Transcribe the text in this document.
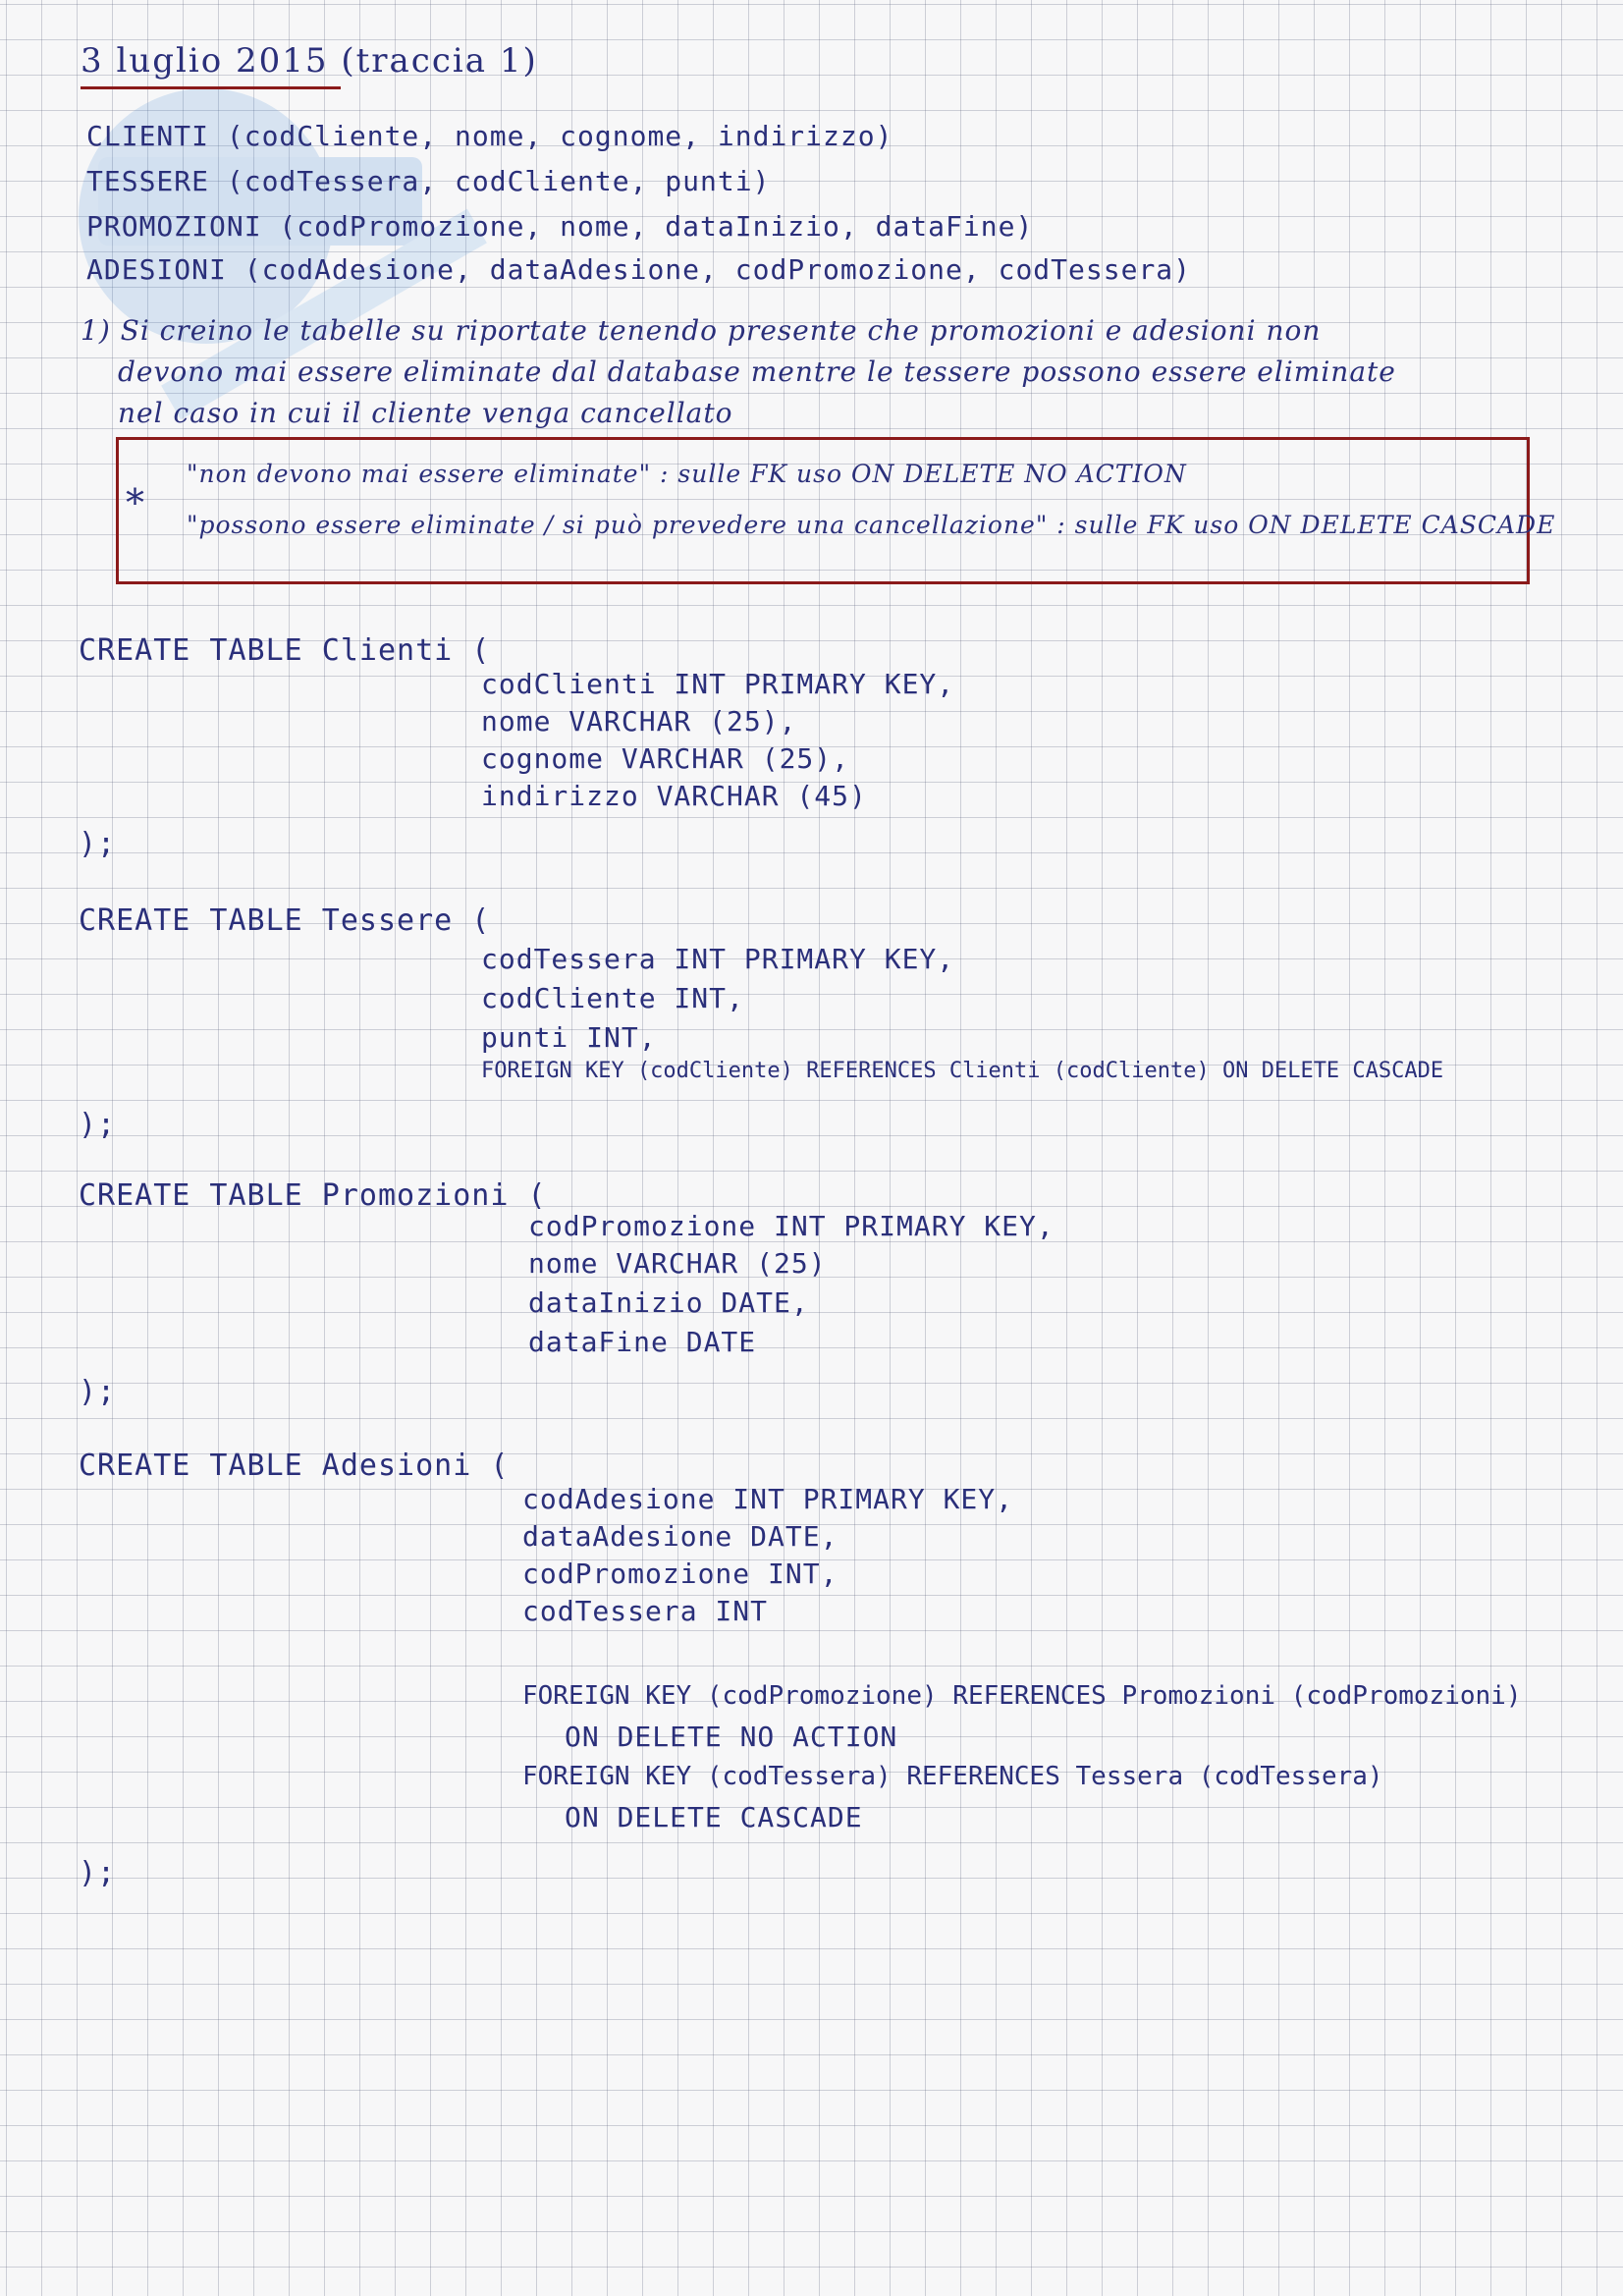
3 luglio 2015 (traccia 1)
CLIENTI (codCliente, nome, cognome, indirizzo)
TESSERE (codTessera, codCliente, punti)
PROMOZIONI (codPromozione, nome, dataInizio, dataFine)
ADESIONI (codAdesione, dataAdesione, codPromozione, codTessera)
1) Si creino le tabelle su riportate tenendo presente che promozioni e adesioni non
devono mai essere eliminate dal database mentre le tessere possono essere eliminate
nel caso in cui il cliente venga cancellato
*
"non devono mai essere eliminate" : sulle FK uso ON DELETE NO ACTION
"possono essere eliminate / si può prevedere una cancellazione" : sulle FK uso ON DELETE CASCADE
CREATE TABLE Clienti (
codClienti INT PRIMARY KEY,
nome VARCHAR (25),
cognome VARCHAR (25),
indirizzo VARCHAR (45)
);
CREATE TABLE Tessere (
codTessera INT PRIMARY KEY,
codCliente INT,
punti INT,
FOREIGN KEY (codCliente) REFERENCES Clienti (codCliente) ON DELETE CASCADE
);
CREATE TABLE Promozioni (
codPromozione INT PRIMARY KEY,
nome VARCHAR (25)
dataInizio DATE,
dataFine DATE
);
CREATE TABLE Adesioni (
codAdesione INT PRIMARY KEY,
dataAdesione DATE,
codPromozione INT,
codTessera INT
FOREIGN KEY (codPromozione) REFERENCES Promozioni (codPromozioni)
ON DELETE NO ACTION
FOREIGN KEY (codTessera) REFERENCES Tessera (codTessera)
ON DELETE CASCADE
);
